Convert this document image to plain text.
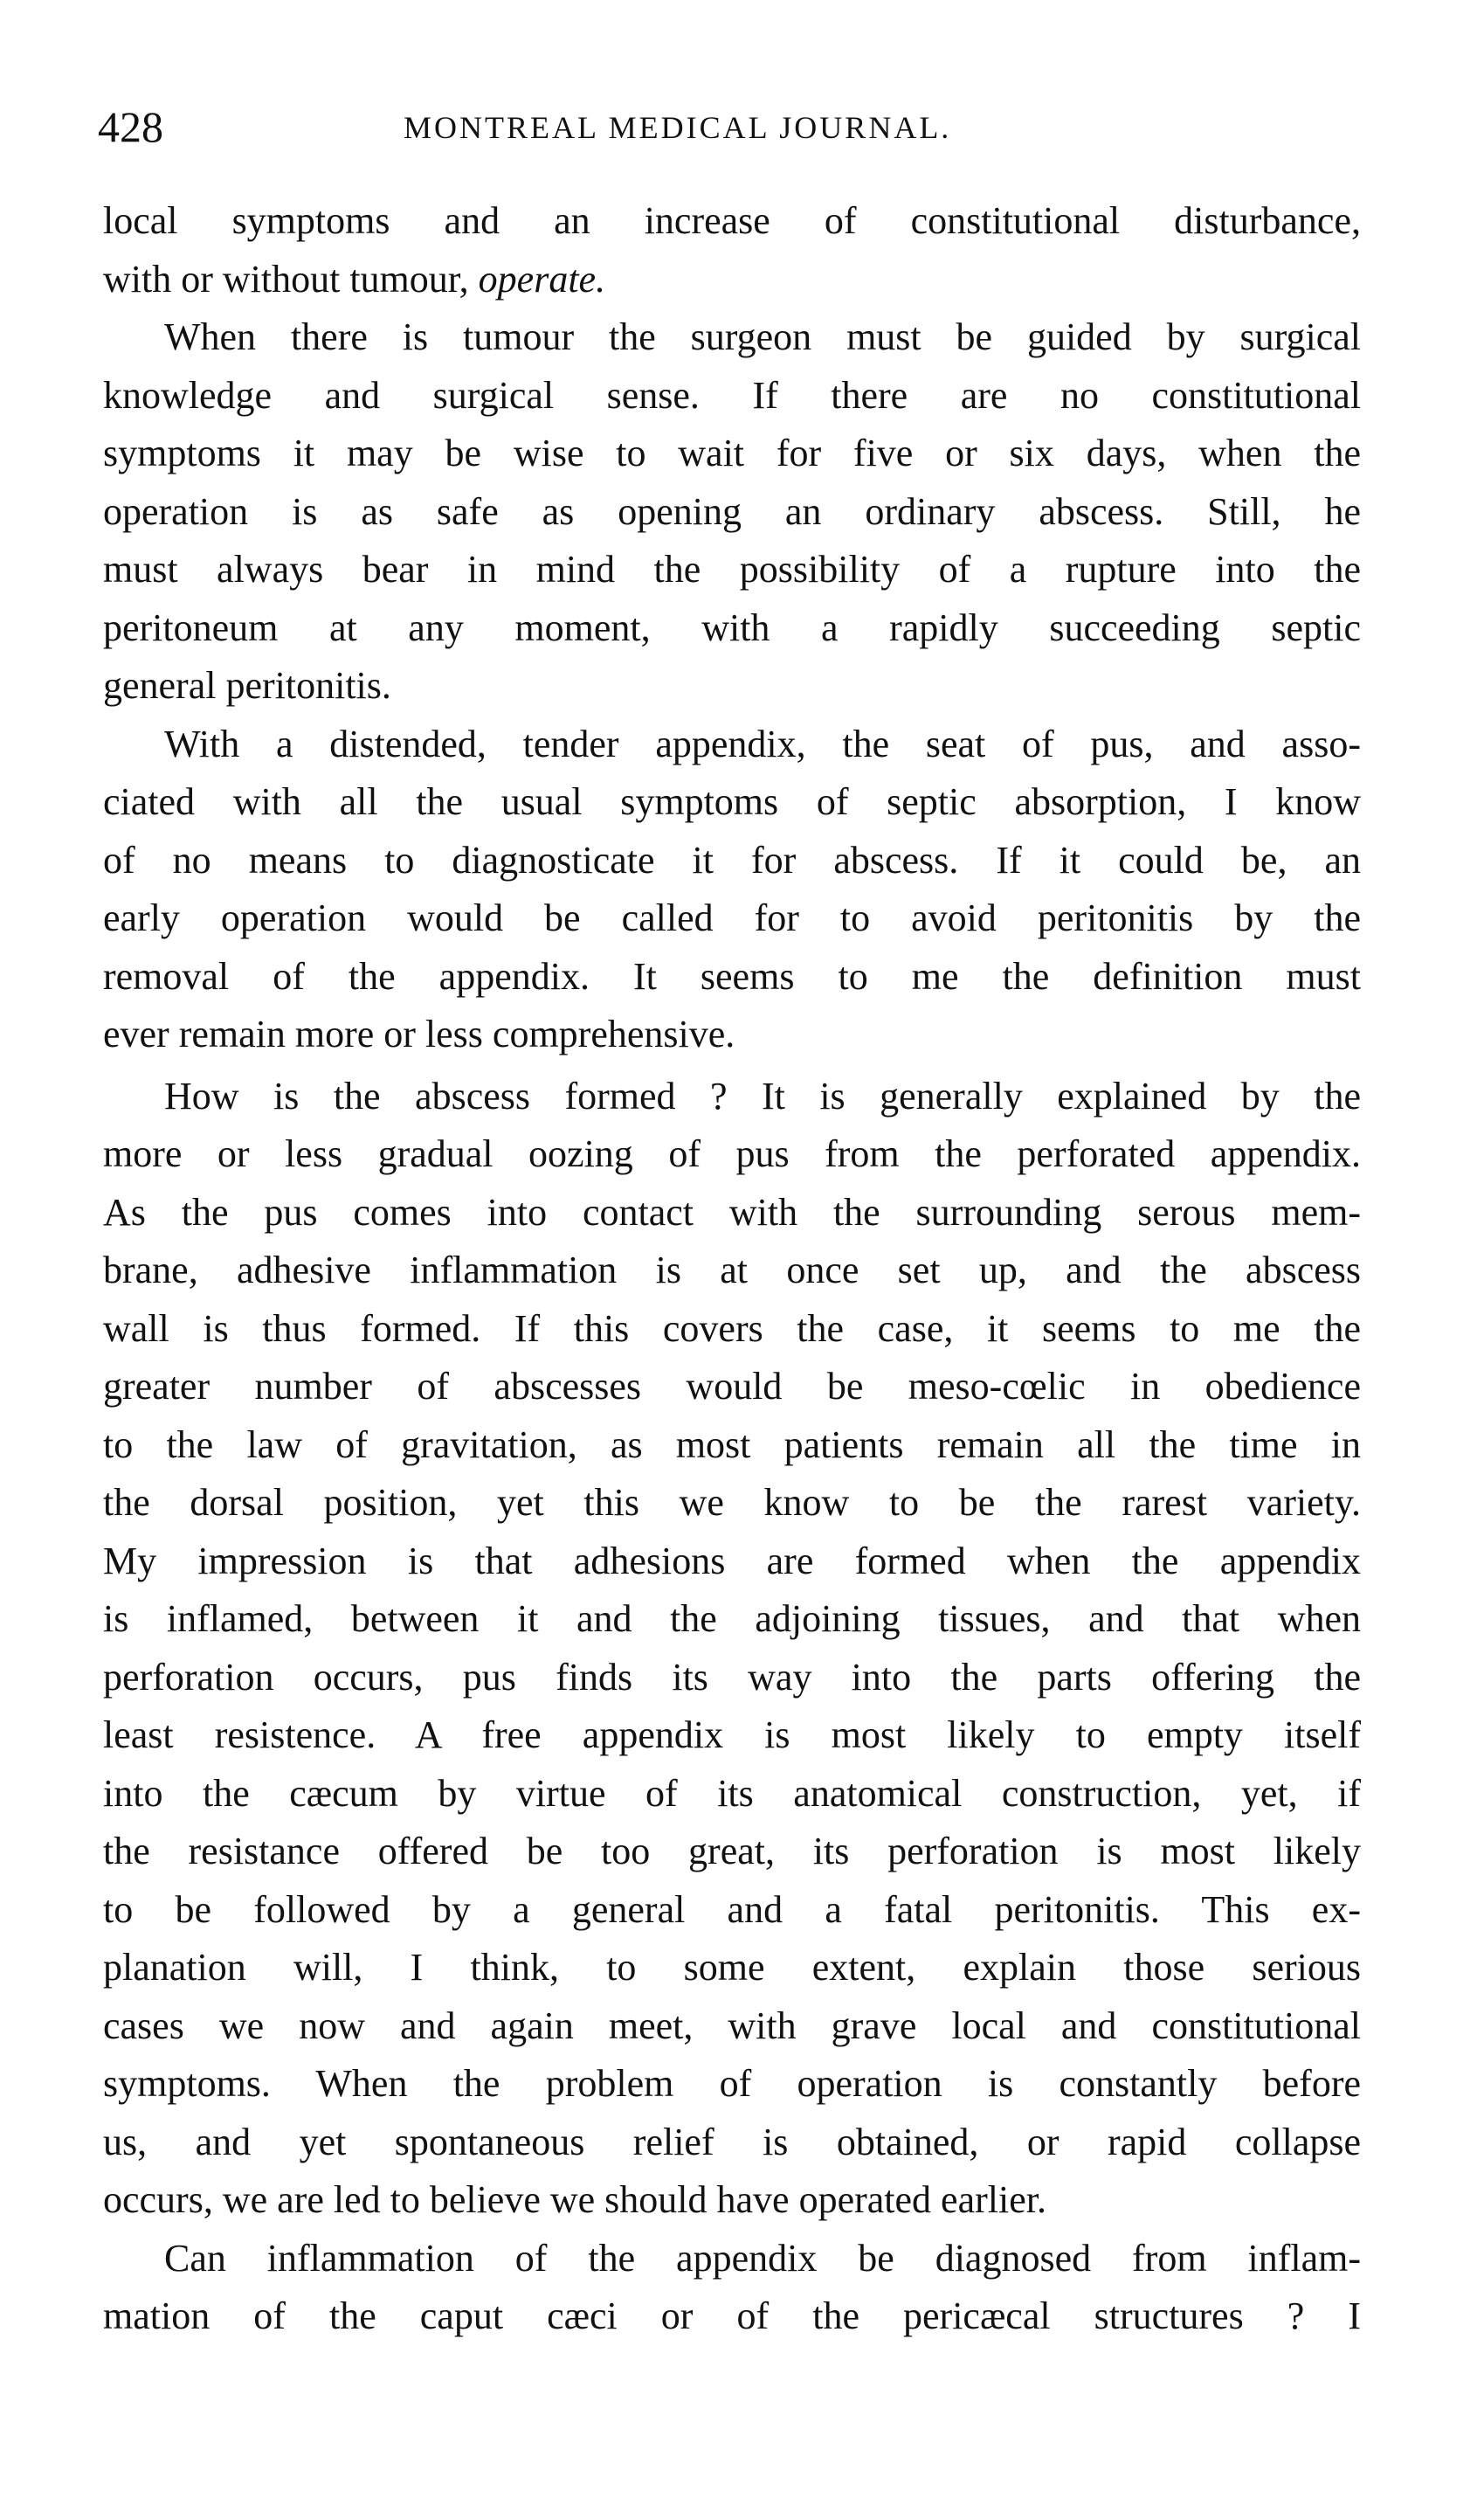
428	MONTREAL MEDICAL JOURNAL.
local symptoms and an increase of constitutional disturbance,
with or without tumour, operate.
When there is tumour the surgeon must be guided by surgical
knowledge and surgical sense. If there are no constitutional
symptoms it may be wise to wait for five or six days, when the
operation is as safe as opening an ordinary abscess. Still, he
must always bear in mind the possibility of a rupture into the
peritoneum at any moment, with a rapidly succeeding septic
general peritonitis.
With a distended, tender appendix, the seat of pus, and asso-
ciated with all the usual symptoms of septic absorption, I know
of no means to diagnosticate it for abscess. If it could be, an
early operation would be called for to avoid peritonitis by the
removal of the appendix. It seems to me the definition must
ever remain more or less comprehensive.
How is the abscess formed ? It is generally explained by the
more or less gradual oozing of pus from the perforated appendix.
As the pus comes into contact with the surrounding serous mem-
brane, adhesive inflammation is at once set up, and the abscess
wall is thus formed. If this covers the case, it seems to me the
greater number of abscesses would be meso-cœlic in obedience
to the law of gravitation, as most patients remain all the time in
the dorsal position, yet this we know to be the rarest variety.
My impression is that adhesions are formed when the appendix
is inflamed, between it and the adjoining tissues, and that when
perforation occurs, pus finds its way into the parts offering the
least resistence. A free appendix is most likely to empty itself
into the cæcum by virtue of its anatomical construction, yet, if
the resistance offered be too great, its perforation is most likely
to be followed by a general and a fatal peritonitis. This ex-
planation will, I think, to some extent, explain those serious
cases we now and again meet, with grave local and constitutional
symptoms. When the problem of operation is constantly before
us, and yet spontaneous relief is obtained, or rapid collapse
occurs, we are led to believe we should have operated earlier.
Can inflammation of the appendix be diagnosed from inflam-
mation of the caput cæci or of the pericæcal structures ? I
